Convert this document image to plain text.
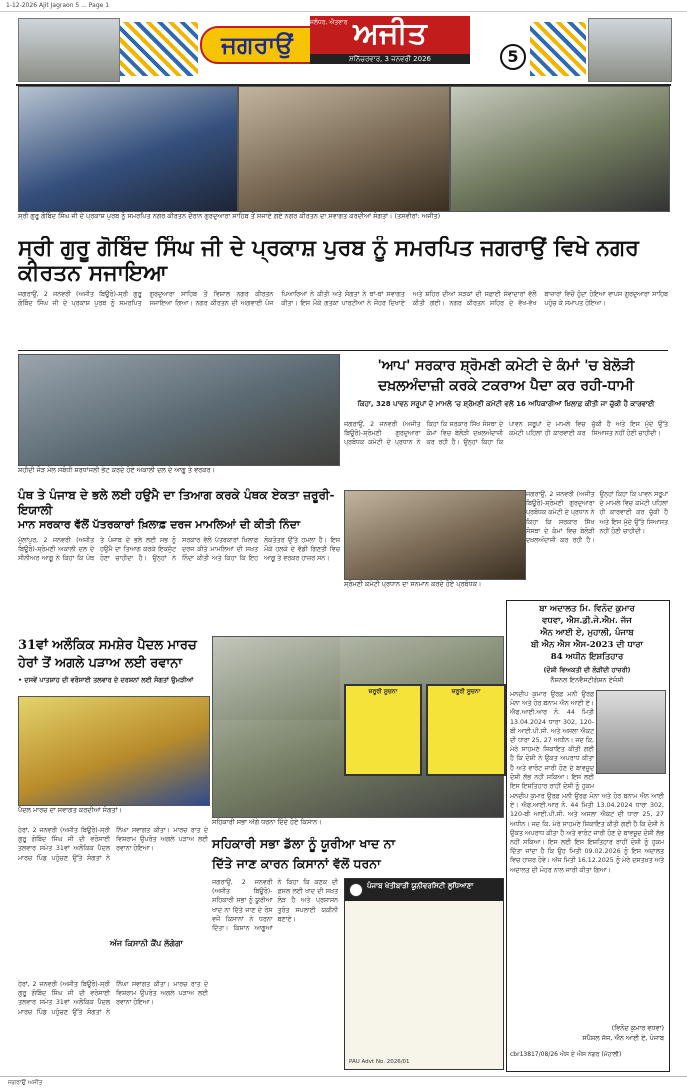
1-12-2026 Ajit Jagraon 5 ... Page 1
ਜਗਰਾਉਂ	ਅਜੀਤ
ਜਲੰਧਰ, ਐਤਵਾਰ
ਸ਼ਨਿੱਚਰਵਾਰ, 3 ਜਨਵਰੀ 2026	5
ਸ੍ਰੀ ਗੁਰੂ ਗੋਬਿੰਦ ਸਿੰਘ ਜੀ ਦੇ ਪ੍ਰਕਾਸ਼ ਪੁਰਬ ਨੂੰ ਸਮਰਪਿਤ ਨਗਰ ਕੀਰਤਨ ਦੌਰਾਨ ਗੁਰਦੁਆਰਾ ਸਾਹਿਬ ਤੋਂ ਸਜਾਏ ਗਏ ਨਗਰ ਕੀਰਤਨ ਦਾ ਸਵਾਗਤ ਕਰਦੀਆਂ ਸੰਗਤਾਂ। (ਤਸਵੀਰਾਂ: ਅਜੀਤ)
ਸ੍ਰੀ ਗੁਰੂ ਗੋਬਿੰਦ ਸਿੰਘ ਜੀ ਦੇ ਪ੍ਰਕਾਸ਼ ਪੁਰਬ ਨੂੰ ਸਮਰਪਿਤ ਜਗਰਾਉਂ ਵਿਖੇ ਨਗਰ ਕੀਰਤਨ ਸਜਾਇਆ
ਜਗਰਾਉਂ, 2 ਜਨਵਰੀ (ਅਜੀਤ ਬਿਊਰੋ)-ਸ੍ਰੀ ਗੁਰੂ ਗੋਬਿੰਦ ਸਿੰਘ ਜੀ ਦੇ ਪ੍ਰਕਾਸ਼ ਪੁਰਬ ਨੂੰ ਸਮਰਪਿਤ ਗੁਰਦੁਆਰਾ ਸਾਹਿਬ ਤੋਂ ਵਿਸ਼ਾਲ ਨਗਰ ਕੀਰਤਨ ਸਜਾਇਆ ਗਿਆ। ਨਗਰ ਕੀਰਤਨ ਦੀ ਅਗਵਾਈ ਪੰਜ ਪਿਆਰਿਆਂ ਨੇ ਕੀਤੀ ਅਤੇ ਸੰਗਤਾਂ ਨੇ ਥਾਂ-ਥਾਂ ਸਵਾਗਤ ਕੀਤਾ। ਇਸ ਮੌਕੇ ਗਤਕਾ ਪਾਰਟੀਆਂ ਨੇ ਜੌਹਰ ਦਿਖਾਏ ਅਤੇ ਸ਼ਹਿਰ ਦੀਆਂ ਸੜਕਾਂ ਦੀ ਸਫ਼ਾਈ ਸੇਵਾਦਾਰਾਂ ਵੱਲੋਂ ਕੀਤੀ ਗਈ। ਨਗਰ ਕੀਰਤਨ ਸ਼ਹਿਰ ਦੇ ਵੱਖ-ਵੱਖ ਬਾਜ਼ਾਰਾਂ ਵਿਚੋਂ ਹੁੰਦਾ ਹੋਇਆ ਵਾਪਸ ਗੁਰਦੁਆਰਾ ਸਾਹਿਬ ਪਹੁੰਚ ਕੇ ਸਮਾਪਤ ਹੋਇਆ।
ਸ਼ਹੀਦੀ ਜੋੜ ਮੇਲ ਸਬੰਧੀ ਸ਼ਰਧਾਂਜਲੀ ਭੇਟ ਕਰਦੇ ਹੋਏ ਅਕਾਲੀ ਦਲ ਦੇ ਆਗੂ ਤੇ ਵਰਕਰ।
'ਆਪ' ਸਰਕਾਰ ਸ਼੍ਰੋਮਣੀ ਕਮੇਟੀ ਦੇ ਕੰਮਾਂ 'ਚ ਬੇਲੋੜੀ
ਦਖ਼ਲਅੰਦਾਜ਼ੀ ਕਰਕੇ ਟਕਰਾਅ ਪੈਦਾ ਕਰ ਰਹੀ-ਧਾਮੀ
ਕਿਹਾ, 328 ਪਾਵਨ ਸਰੂਪਾਂ ਦੇ ਮਾਮਲੇ 'ਚ ਸ਼੍ਰੋਮਣੀ ਕਮੇਟੀ ਵਲੋਂ 16 ਅਧਿਕਾਰੀਆਂ ਖ਼ਿਲਾਫ਼ ਕੀਤੀ ਜਾ ਚੁੱਕੀ ਹੈ ਕਾਰਵਾਈ
ਜਗਰਾਉਂ, 2 ਜਨਵਰੀ (ਅਜੀਤ ਬਿਊਰੋ)-ਸ਼੍ਰੋਮਣੀ ਗੁਰਦੁਆਰਾ ਪ੍ਰਬੰਧਕ ਕਮੇਟੀ ਦੇ ਪ੍ਰਧਾਨ ਨੇ ਕਿਹਾ ਕਿ ਸਰਕਾਰ ਸਿੱਖ ਸੰਸਥਾ ਦੇ ਕੰਮਾਂ ਵਿਚ ਬੇਲੋੜੀ ਦਖ਼ਲਅੰਦਾਜ਼ੀ ਕਰ ਰਹੀ ਹੈ। ਉਨ੍ਹਾਂ ਕਿਹਾ ਕਿ ਪਾਵਨ ਸਰੂਪਾਂ ਦੇ ਮਾਮਲੇ ਵਿਚ ਕਮੇਟੀ ਪਹਿਲਾਂ ਹੀ ਕਾਰਵਾਈ ਕਰ ਚੁੱਕੀ ਹੈ ਅਤੇ ਇਸ ਮੁੱਦੇ ਉੱਤੇ ਸਿਆਸਤ ਨਹੀਂ ਹੋਣੀ ਚਾਹੀਦੀ।
ਸ਼੍ਰੋਮਣੀ ਕਮੇਟੀ ਪ੍ਰਧਾਨ ਦਾ ਸਨਮਾਨ ਕਰਦੇ ਹੋਏ ਪ੍ਰਬੰਧਕ।
ਪੰਥ ਤੇ ਪੰਜਾਬ ਦੇ ਭਲੇ ਲਈ ਹਉਮੈ ਦਾ ਤਿਆਗ ਕਰਕੇ ਪੰਥਕ ਏਕਤਾ ਜ਼ਰੂਰੀ-ਇਯਾਲੀ
ਮਾਨ ਸਰਕਾਰ ਵੱਲੋਂ ਪੱਤਰਕਾਰਾਂ ਖ਼ਿਲਾਫ਼ ਦਰਜ ਮਾਮਲਿਆਂ ਦੀ ਕੀਤੀ ਨਿੰਦਾ
ਮੁੱਲਾਂਪੁਰ, 2 ਜਨਵਰੀ (ਅਜੀਤ ਬਿਊਰੋ)-ਸ਼੍ਰੋਮਣੀ ਅਕਾਲੀ ਦਲ ਦੇ ਸੀਨੀਅਰ ਆਗੂ ਨੇ ਕਿਹਾ ਕਿ ਪੰਥ ਤੇ ਪੰਜਾਬ ਦੇ ਭਲੇ ਲਈ ਸਭ ਨੂੰ ਹਉਮੈ ਦਾ ਤਿਆਗ ਕਰਕੇ ਇਕਜੁੱਟ ਹੋਣਾ ਚਾਹੀਦਾ ਹੈ। ਉਨ੍ਹਾਂ ਨੇ ਸਰਕਾਰ ਵੱਲੋਂ ਪੱਤਰਕਾਰਾਂ ਖ਼ਿਲਾਫ਼ ਦਰਜ ਕੀਤੇ ਮਾਮਲਿਆਂ ਦੀ ਸਖ਼ਤ ਨਿੰਦਾ ਕੀਤੀ ਅਤੇ ਕਿਹਾ ਕਿ ਇਹ ਲੋਕਤੰਤਰ ਉੱਤੇ ਹਮਲਾ ਹੈ। ਇਸ ਮੌਕੇ ਹਲਕੇ ਦੇ ਵੱਡੀ ਗਿਣਤੀ ਵਿਚ ਆਗੂ ਤੇ ਵਰਕਰ ਹਾਜ਼ਰ ਸਨ।
ਜਗਰਾਉਂ, 2 ਜਨਵਰੀ (ਅਜੀਤ ਬਿਊਰੋ)-ਸ਼੍ਰੋਮਣੀ ਗੁਰਦੁਆਰਾ ਪ੍ਰਬੰਧਕ ਕਮੇਟੀ ਦੇ ਪ੍ਰਧਾਨ ਨੇ ਕਿਹਾ ਕਿ ਸਰਕਾਰ ਸਿੱਖ ਸੰਸਥਾ ਦੇ ਕੰਮਾਂ ਵਿਚ ਬੇਲੋੜੀ ਦਖ਼ਲਅੰਦਾਜ਼ੀ ਕਰ ਰਹੀ ਹੈ। ਉਨ੍ਹਾਂ ਕਿਹਾ ਕਿ ਪਾਵਨ ਸਰੂਪਾਂ ਦੇ ਮਾਮਲੇ ਵਿਚ ਕਮੇਟੀ ਪਹਿਲਾਂ ਹੀ ਕਾਰਵਾਈ ਕਰ ਚੁੱਕੀ ਹੈ ਅਤੇ ਇਸ ਮੁੱਦੇ ਉੱਤੇ ਸਿਆਸਤ ਨਹੀਂ ਹੋਣੀ ਚਾਹੀਦੀ।
ਬਾ ਅਦਾਲਤ ਮਿ. ਵਿਨੋਦ ਕੁਮਾਰ
ਵਧਵਾ, ਐਸ.ਡੀ.ਜੇ.ਐਮ. ਜੱਜ
ਐਨ ਆਈ ਏ, ਮੁਹਾਲੀ, ਪੰਜਾਬ
ਬੀ ਐਨ ਐਸ ਐਸ-2023 ਦੀ ਧਾਰਾ
84 ਅਧੀਨ ਇਸ਼ਤਿਹਾਰ
(ਦੋਸ਼ੀ ਵਿਅਕਤੀ ਦੀ ਲੋੜੀਂਦੀ ਹਾਜ਼ਰੀ)
ਨੈਸ਼ਨਲ ਇਨਵੈਸਟੀਗੇਸ਼ਨ ਏਜੰਸੀ
ਮਨਦੀਪ ਕੁਮਾਰ ਉਰਫ਼ ਮਨੀ ਉਰਫ਼ ਮੋਨਾ ਅਤੇ ਹੋਰ ਬਨਾਮ ਐਨ ਆਈ ਏ। ਐਫ.ਆਈ.ਆਰ ਨੰ. 44 ਮਿਤੀ 13.04.2024 ਧਾਰਾ 302, 120-ਬੀ ਆਈ.ਪੀ.ਸੀ. ਅਤੇ ਅਸਲਾ ਐਕਟ ਦੀ ਧਾਰਾ 25, 27 ਅਧੀਨ। ਜਦ ਕਿ, ਮੇਰੇ ਸਾਹਮਣੇ ਸ਼ਿਕਾਇਤ ਕੀਤੀ ਗਈ ਹੈ ਕਿ ਦੋਸ਼ੀ ਨੇ ਉਕਤ ਅਪਰਾਧ ਕੀਤਾ ਹੈ ਅਤੇ ਵਾਰੰਟ ਜਾਰੀ ਹੋਣ ਦੇ ਬਾਵਜੂਦ ਦੋਸ਼ੀ ਲੱਭ ਨਹੀਂ ਸਕਿਆ। ਇਸ ਲਈ ਇਸ ਇਸ਼ਤਿਹਾਰ ਰਾਹੀਂ ਦੋਸ਼ੀ ਨੂੰ ਹੁਕਮ
ਮਨਦੀਪ ਕੁਮਾਰ ਉਰਫ਼ ਮਨੀ ਉਰਫ਼ ਮੋਨਾ ਅਤੇ ਹੋਰ ਬਨਾਮ ਐਨ ਆਈ ਏ। ਐਫ.ਆਈ.ਆਰ ਨੰ. 44 ਮਿਤੀ 13.04.2024 ਧਾਰਾ 302, 120-ਬੀ ਆਈ.ਪੀ.ਸੀ. ਅਤੇ ਅਸਲਾ ਐਕਟ ਦੀ ਧਾਰਾ 25, 27 ਅਧੀਨ। ਜਦ ਕਿ, ਮੇਰੇ ਸਾਹਮਣੇ ਸ਼ਿਕਾਇਤ ਕੀਤੀ ਗਈ ਹੈ ਕਿ ਦੋਸ਼ੀ ਨੇ ਉਕਤ ਅਪਰਾਧ ਕੀਤਾ ਹੈ ਅਤੇ ਵਾਰੰਟ ਜਾਰੀ ਹੋਣ ਦੇ ਬਾਵਜੂਦ ਦੋਸ਼ੀ ਲੱਭ ਨਹੀਂ ਸਕਿਆ। ਇਸ ਲਈ ਇਸ ਇਸ਼ਤਿਹਾਰ ਰਾਹੀਂ ਦੋਸ਼ੀ ਨੂੰ ਹੁਕਮ ਦਿੱਤਾ ਜਾਂਦਾ ਹੈ ਕਿ ਉਹ ਮਿਤੀ 09.02.2026 ਨੂੰ ਇਸ ਅਦਾਲਤ ਵਿਚ ਹਾਜ਼ਰ ਹੋਵੇ। ਅੱਜ ਮਿਤੀ 16.12.2025 ਨੂੰ ਮੇਰੇ ਦਸਤਖ਼ਤ ਅਤੇ ਅਦਾਲਤ ਦੀ ਮੋਹਰ ਨਾਲ ਜਾਰੀ ਕੀਤਾ ਗਿਆ।
(ਵਿਨੋਦ ਕੁਮਾਰ ਵਧਵਾ)
ਸਪੈਸ਼ਲ ਜੱਜ, ਐਨ ਆਈ ਏ, ਪੰਜਾਬ
cbr13817/08/26 ਐਸ ਏ ਐਸ ਨਗਰ (ਮੋਹਾਲੀ)
31ਵਾਂ ਅਲੌਕਿਕ ਸਮਸ਼ੇਰ ਪੈਦਲ ਮਾਰਚ
ਹੇਰਾਂ ਤੋਂ ਅਗਲੇ ਪੜਾਅ ਲਈ ਰਵਾਨਾ
• ਦਸਵੇਂ ਪਾਤਸ਼ਾਹ ਦੀ ਵਰੋਸਾਈ ਤਲਵਾਰ ਦੇ ਦਰਸ਼ਨਾਂ ਲਈ ਸੰਗਤਾਂ ਉਮੜੀਆਂ
ਪੈਦਲ ਮਾਰਚ ਦਾ ਸਵਾਗਤ ਕਰਦੀਆਂ ਸੰਗਤਾਂ।
ਹੇਰਾਂ, 2 ਜਨਵਰੀ (ਅਜੀਤ ਬਿਊਰੋ)-ਸ੍ਰੀ ਗੁਰੂ ਗੋਬਿੰਦ ਸਿੰਘ ਜੀ ਦੀ ਵਰੋਸਾਈ ਤਲਵਾਰ ਸਮੇਤ 31ਵਾਂ ਅਲੌਕਿਕ ਪੈਦਲ ਮਾਰਚ ਪਿੰਡ ਪਹੁੰਚਣ ਉੱਤੇ ਸੰਗਤਾਂ ਨੇ ਨਿੱਘਾ ਸਵਾਗਤ ਕੀਤਾ। ਮਾਰਚ ਰਾਤ ਦੇ ਵਿਸ਼ਰਾਮ ਉਪਰੰਤ ਅਗਲੇ ਪੜਾਅ ਲਈ ਰਵਾਨਾ ਹੋਇਆ।
ਅੱਜ ਕਿਸਾਨੀ ਕੈਂਪ ਲੱਗੇਗਾ
ਹੇਰਾਂ, 2 ਜਨਵਰੀ (ਅਜੀਤ ਬਿਊਰੋ)-ਸ੍ਰੀ ਗੁਰੂ ਗੋਬਿੰਦ ਸਿੰਘ ਜੀ ਦੀ ਵਰੋਸਾਈ ਤਲਵਾਰ ਸਮੇਤ 31ਵਾਂ ਅਲੌਕਿਕ ਪੈਦਲ ਮਾਰਚ ਪਿੰਡ ਪਹੁੰਚਣ ਉੱਤੇ ਸੰਗਤਾਂ ਨੇ ਨਿੱਘਾ ਸਵਾਗਤ ਕੀਤਾ। ਮਾਰਚ ਰਾਤ ਦੇ ਵਿਸ਼ਰਾਮ ਉਪਰੰਤ ਅਗਲੇ ਪੜਾਅ ਲਈ ਰਵਾਨਾ ਹੋਇਆ।
ਸਹਿਕਾਰੀ ਸਭਾ ਅੱਗੇ ਧਰਨਾ ਦਿੰਦੇ ਹੋਏ ਕਿਸਾਨ।
ਸਹਿਕਾਰੀ ਸਭਾ ਡੱਲਾ ਨੂੰ ਯੂਰੀਆ ਖਾਦ ਨਾ
ਦਿੱਤੇ ਜਾਣ ਕਾਰਨ ਕਿਸਾਨਾਂ ਵੱਲੋਂ ਧਰਨਾ
ਜਗਰਾਉਂ, 2 ਜਨਵਰੀ (ਅਜੀਤ ਬਿਊਰੋ)-ਸਹਿਕਾਰੀ ਸਭਾ ਨੂੰ ਯੂਰੀਆ ਖਾਦ ਨਾ ਦਿੱਤੇ ਜਾਣ ਦੇ ਰੋਸ ਵਜੋਂ ਕਿਸਾਨਾਂ ਨੇ ਧਰਨਾ ਦਿੱਤਾ। ਕਿਸਾਨ ਆਗੂਆਂ ਨੇ ਕਿਹਾ ਕਿ ਕਣਕ ਦੀ ਫ਼ਸਲ ਲਈ ਖਾਦ ਦੀ ਸਖ਼ਤ ਲੋੜ ਹੈ ਅਤੇ ਪ੍ਰਸ਼ਾਸਨ ਤੁਰੰਤ ਸਪਲਾਈ ਯਕੀਨੀ ਬਣਾਏ।
ਜ਼ਰੂਰੀ ਸੂਚਨਾ	ਜ਼ਰੂਰੀ ਸੂਚਨਾ
ਪੰਜਾਬ ਖੇਤੀਬਾੜੀ ਯੂਨੀਵਰਸਿਟੀ ਲੁਧਿਆਣਾ
PAU Advt No. 2026/01
ਜਗਰਾਉਂ ਅਜੀਤ
